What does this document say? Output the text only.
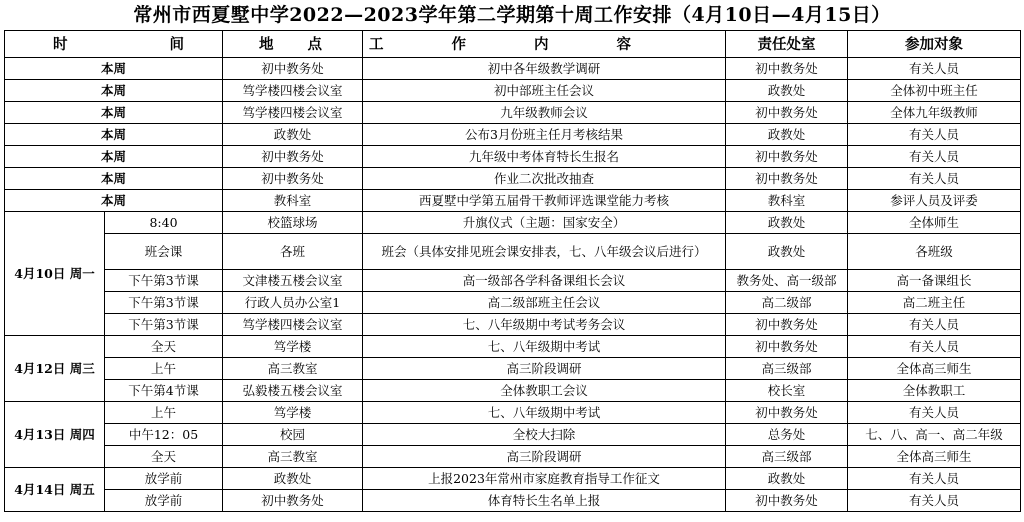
常州市西夏墅中学2022—2023学年第二学期第十周工作安排（4月10日—4月15日）
时 间		地 点	工 作 内 容	责任处室	参加对象
本周		初中教务处	初中各年级教学调研	初中教务处	有关人员
本周		笃学楼四楼会议室	初中部班主任会议	政教处	全体初中班主任
本周		笃学楼四楼会议室	九年级教师会议	初中教务处	全体九年级教师
本周		政教处	公布3月份班主任月考核结果	政教处	有关人员
本周		初中教务处	九年级中考体育特长生报名	初中教务处	有关人员
本周		初中教务处	作业二次批改抽查	初中教务处	有关人员
本周		教科室	西夏墅中学第五届骨干教师评选课堂能力考核	教科室	参评人员及评委
4月10日 周一	8:40	校篮球场	升旗仪式（主题：国家安全）	政教处	全体师生
	班会课	各班	班会（具体安排见班会课安排表，七、八年级会议后进行）	政教处	各班级
	下午第3节课	文津楼五楼会议室	高一级部各学科备课组长会议	教务处、高一级部	高一备课组长
	下午第3节课	行政人员办公室1	高二级部班主任会议	高二级部	高二班主任
	下午第3节课	笃学楼四楼会议室	七、八年级期中考试考务会议	初中教务处	有关人员
4月12日 周三	全天	笃学楼	七、八年级期中考试	初中教务处	有关人员
	上午	高三教室	高三阶段调研	高三级部	全体高三师生
	下午第4节课	弘毅楼五楼会议室	全体教职工会议	校长室	全体教职工
4月13日 周四	上午	笃学楼	七、八年级期中考试	初中教务处	有关人员
	中午12：05	校园	全校大扫除	总务处	七、八、高一、高二年级
	全天	高三教室	高三阶段调研	高三级部	全体高三师生
4月14日 周五	放学前	政教处	上报2023年常州市家庭教育指导工作征文	政教处	有关人员
	放学前	初中教务处	体育特长生名单上报	初中教务处	有关人员
